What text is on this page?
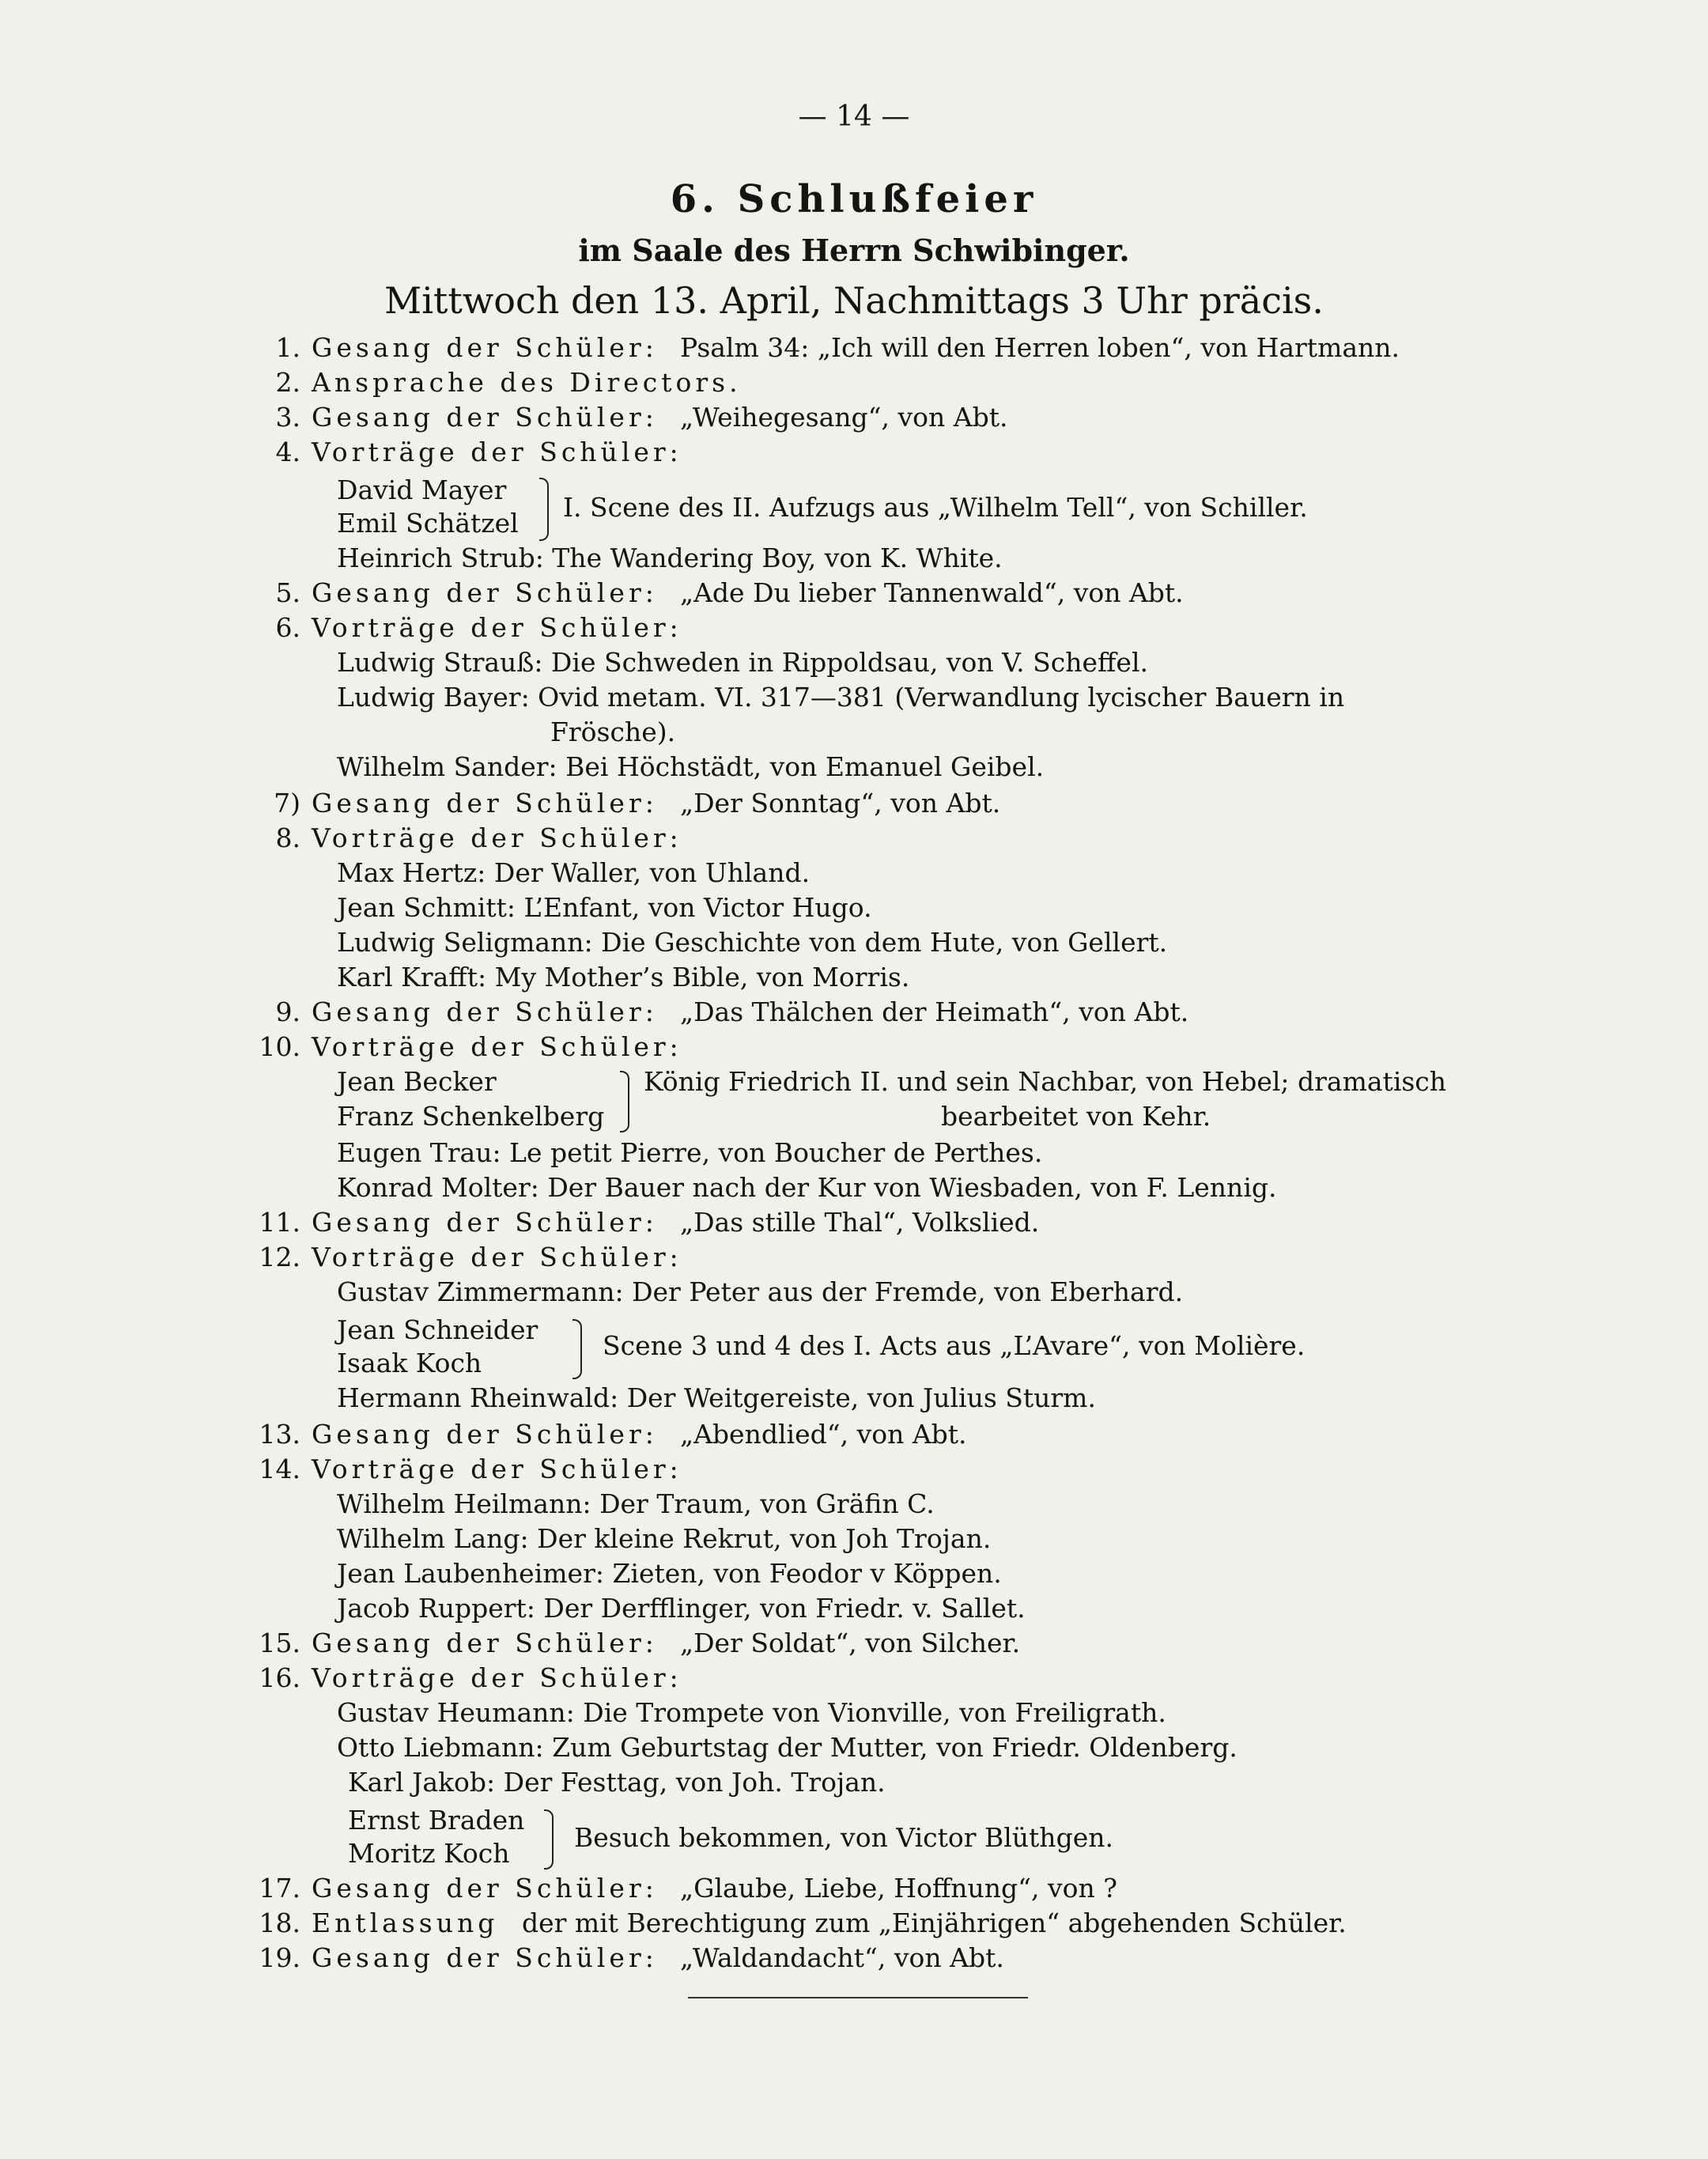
— 14 —
6. Schlußfeier
im Saale des Herrn Schwibinger.
Mittwoch den 13. April, Nachmittags 3 Uhr präcis.
1. Gesang der Schüler: Psalm 34: „Ich will den Herren loben“, von Hartmann.
2. Ansprache des Directors.
3. Gesang der Schüler: „Weihegesang“, von Abt.
4. Vorträge der Schüler:
David Mayer
Emil Schätzel
I. Scene des II. Aufzugs aus „Wilhelm Tell“, von Schiller.
Heinrich Strub: The Wandering Boy, von K. White.
5. Gesang der Schüler: „Ade Du lieber Tannenwald“, von Abt.
6. Vorträge der Schüler:
Ludwig Strauß: Die Schweden in Rippoldsau, von V. Scheffel.
Ludwig Bayer: Ovid metam. VI. 317—381 (Verwandlung lycischer Bauern in
Frösche).
Wilhelm Sander: Bei Höchstädt, von Emanuel Geibel.
7) Gesang der Schüler: „Der Sonntag“, von Abt.
8. Vorträge der Schüler:
Max Hertz: Der Waller, von Uhland.
Jean Schmitt: L’Enfant, von Victor Hugo.
Ludwig Seligmann: Die Geschichte von dem Hute, von Gellert.
Karl Krafft: My Mother’s Bible, von Morris.
9. Gesang der Schüler: „Das Thälchen der Heimath“, von Abt.
10. Vorträge der Schüler:
Jean Becker
Franz Schenkelberg
König Friedrich II. und sein Nachbar, von Hebel; dramatisch
bearbeitet von Kehr.
Eugen Trau: Le petit Pierre, von Boucher de Perthes.
Konrad Molter: Der Bauer nach der Kur von Wiesbaden, von F. Lennig.
11. Gesang der Schüler: „Das stille Thal“, Volkslied.
12. Vorträge der Schüler:
Gustav Zimmermann: Der Peter aus der Fremde, von Eberhard.
Jean Schneider
Isaak Koch
Scene 3 und 4 des I. Acts aus „L’Avare“, von Molière.
Hermann Rheinwald: Der Weitgereiste, von Julius Sturm.
13. Gesang der Schüler: „Abendlied“, von Abt.
14. Vorträge der Schüler:
Wilhelm Heilmann: Der Traum, von Gräfin C.
Wilhelm Lang: Der kleine Rekrut, von Joh Trojan.
Jean Laubenheimer: Zieten, von Feodor v Köppen.
Jacob Ruppert: Der Derfflinger, von Friedr. v. Sallet.
15. Gesang der Schüler: „Der Soldat“, von Silcher.
16. Vorträge der Schüler:
Gustav Heumann: Die Trompete von Vionville, von Freiligrath.
Otto Liebmann: Zum Geburtstag der Mutter, von Friedr. Oldenberg.
Karl Jakob: Der Festtag, von Joh. Trojan.
Ernst Braden
Moritz Koch
Besuch bekommen, von Victor Blüthgen.
17. Gesang der Schüler: „Glaube, Liebe, Hoffnung“, von ?
18. Entlassung der mit Berechtigung zum „Einjährigen“ abgehenden Schüler.
19. Gesang der Schüler: „Waldandacht“, von Abt.
